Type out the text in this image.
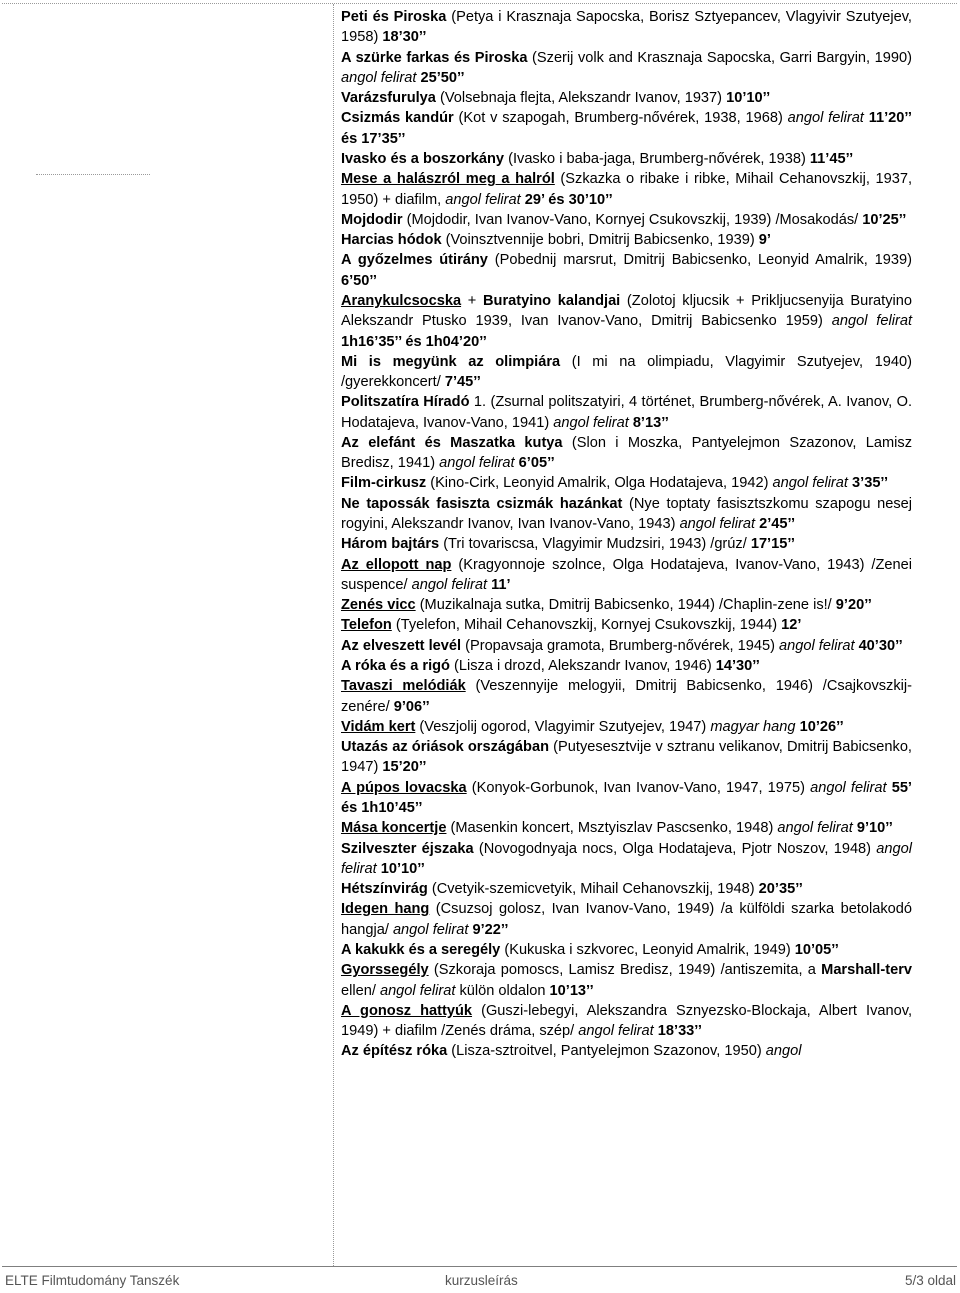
Peti és Piroska (Petya i Krasznaja Sapocska, Borisz Sztyepancev, Vlagyivir Szutyejev, 1958) 18’30’’

A szürke farkas és Piroska (Szerij volk and Krasznaja Sapocska, Garri Bargyin, 1990) angol felirat 25’50’’

Varázsfurulya (Volsebnaja flejta, Alekszandr Ivanov, 1937) 10’10’’

Csizmás kandúr (Kot v szapogah, Brumberg-nővérek, 1938, 1968) angol felirat 11’20’’ és 17’35’’

Ivasko és a boszorkány (Ivasko i baba-jaga, Brumberg-nővérek, 1938) 11’45’’

Mese a halászról meg a halról (Szkazka o ribake i ribke, Mihail Cehanovszkij, 1937, 1950) + diafilm, angol felirat 29’ és 30’10’’

Mojdodir (Mojdodir, Ivan Ivanov-Vano, Kornyej Csukovszkij, 1939) /Mosakodás/ 10’25’’

Harcias hódok (Voinsztvennije bobri, Dmitrij Babicsenko, 1939) 9’

A győzelmes útirány (Pobednij marsrut, Dmitrij Babicsenko, Leonyid Amalrik, 1939) 6’50’’

Aranykulcsocska + Buratyino kalandjai (Zolotoj kljucsik + Prikljucsenyija Buratyino Alekszandr Ptusko 1939, Ivan Ivanov-Vano, Dmitrij Babicsenko 1959) angol felirat 1h16’35’’ és 1h04’20’’

Mi is megyünk az olimpiára (I mi na olimpiadu, Vlagyimir Szutyejev, 1940) /gyerekkoncert/ 7’45’’

Politszatíra Híradó 1. (Zsurnal politszatyiri, 4 történet, Brumberg-nővérek, A. Ivanov, O. Hodatajeva, Ivanov-Vano, 1941) angol felirat 8’13’’

Az elefánt és Maszatka kutya (Slon i Moszka, Pantyelejmon Szazonov, Lamisz Bredisz, 1941) angol felirat 6’05’’

Film-cirkusz (Kino-Cirk, Leonyid Amalrik, Olga Hodatajeva, 1942) angol felirat 3’35’’

Ne tapossák fasiszta csizmák hazánkat (Nye toptaty fasisztszkomu szapogu nesej rogyini, Alekszandr Ivanov, Ivan Ivanov-Vano, 1943) angol felirat 2’45’’

Három bajtárs (Tri tovariscsa, Vlagyimir Mudzsiri, 1943) /grúz/ 17’15’’

Az ellopott nap (Kragyonnoje szolnce, Olga Hodatajeva, Ivanov-Vano, 1943) /Zenei suspence/ angol felirat 11’

Zenés vicc (Muzikalnaja sutka, Dmitrij Babicsenko, 1944) /Chaplin-zene is!/ 9’20’’

Telefon (Tyelefon, Mihail Cehanovszkij, Kornyej Csukovszkij, 1944) 12’

Az elveszett levél (Propavsaja gramota, Brumberg-nővérek, 1945) angol felirat 40’30’’

A róka és a rigó (Lisza i drozd, Alekszandr Ivanov, 1946) 14’30’’

Tavaszi melódiák (Veszennyije melogyii, Dmitrij Babicsenko, 1946) /Csajkovszkij-zenére/ 9’06’’

Vidám kert (Veszjolij ogorod, Vlagyimir Szutyejev, 1947) magyar hang 10’26’’

Utazás az óriások országában (Putyesesztvije v sztranu velikanov, Dmitrij Babicsenko, 1947) 15’20’’

A púpos lovacska (Konyok-Gorbunok, Ivan Ivanov-Vano, 1947, 1975) angol felirat 55’ és 1h10’45’’

Mása koncertje (Masenkin koncert, Msztyiszlav Pascsenko, 1948) angol felirat 9’10’’

Szilveszter éjszaka (Novogodnyaja nocs, Olga Hodatajeva, Pjotr Noszov, 1948) angol felirat 10’10’’

Hétszínvirág (Cvetyik-szemicvetyik, Mihail Cehanovszkij, 1948) 20’35’’

Idegen hang (Csuzsoj golosz, Ivan Ivanov-Vano, 1949) /a külföldi szarka betolakodó hangja/ angol felirat 9’22’’

A kakukk és a seregély (Kukuska i szkvorec, Leonyid Amalrik, 1949) 10’05’’

Gyorssegély (Szkoraja pomoscs, Lamisz Bredisz, 1949) /antiszemita, a Marshall-terv ellen/ angol felirat külön oldalon 10’13’’

A gonosz hattyúk (Guszi-lebegyi, Alekszandra Sznyezsko-Blockaja, Albert Ivanov, 1949) + diafilm /Zenés dráma, szép/ angol felirat 18’33’’

Az építész róka (Lisza-sztroitvel, Pantyelejmon Szazonov, 1950) angol

ELTE Filmtudomány Tanszék	kurzusleírás	5/3 oldal
